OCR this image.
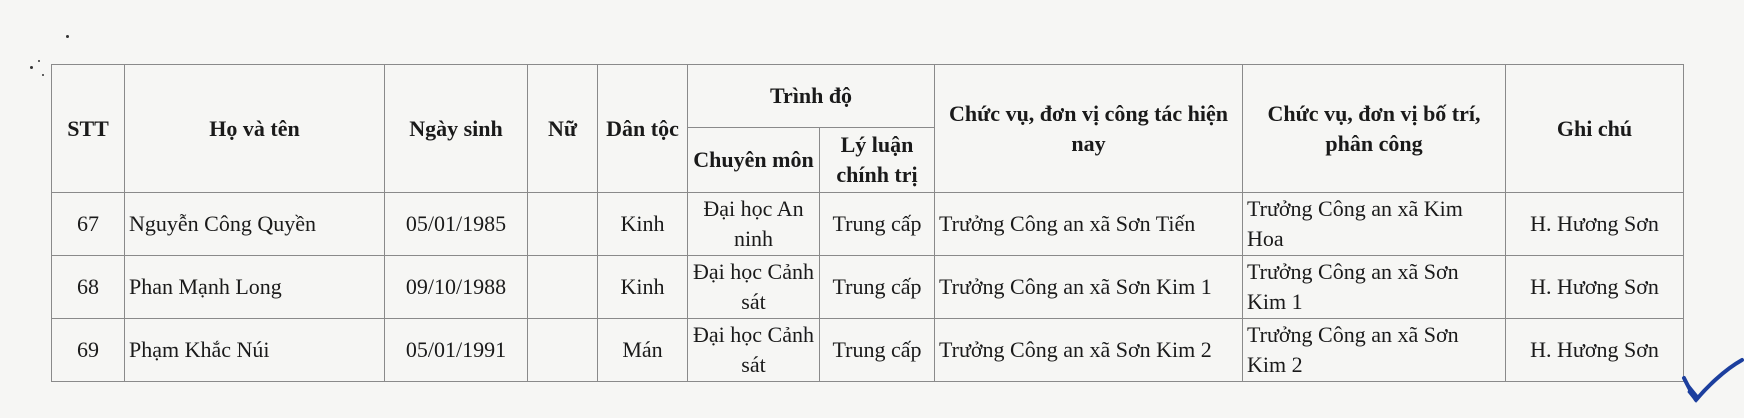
STT	Họ và tên	Ngày sinh	Nữ	Dân tộc	Trình độ		Chức vụ, đơn vị công tác hiện nay	Chức vụ, đơn vị bố trí, phân công	Ghi chú
					Chuyên môn	Lý luận chính trị			
67	Nguyễn Công Quyền	05/01/1985		Kinh	Đại học An ninh	Trung cấp	Trưởng Công an xã Sơn Tiến	Trưởng Công an xã Kim Hoa	H. Hương Sơn
68	Phan Mạnh Long	09/10/1988		Kinh	Đại học Cảnh sát	Trung cấp	Trưởng Công an xã Sơn Kim 1	Trưởng Công an xã Sơn Kim 1	H. Hương Sơn
69	Phạm Khắc Núi	05/01/1991		Mán	Đại học Cảnh sát	Trung cấp	Trưởng Công an xã Sơn Kim 2	Trưởng Công an xã Sơn Kim 2	H. Hương Sơn
